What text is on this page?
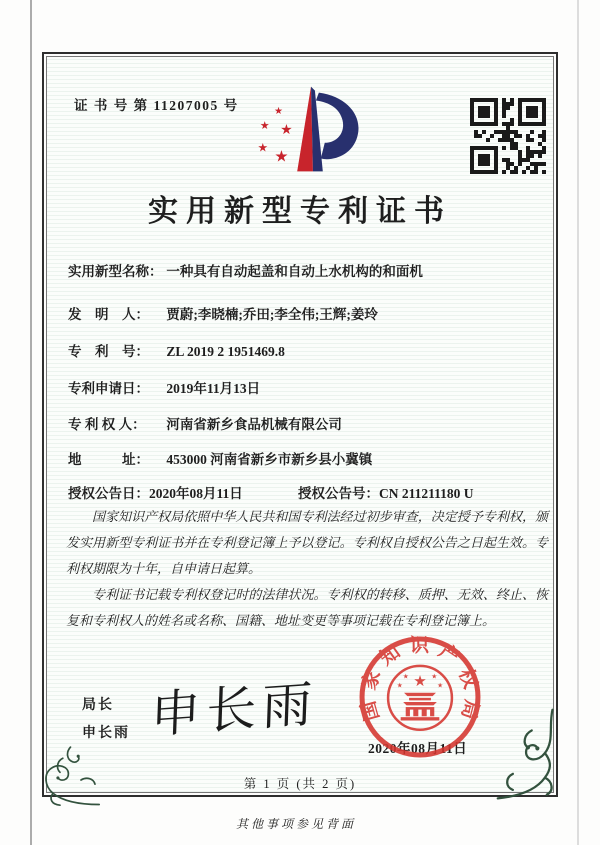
证 书 号 第 11207005 号	★
★ ★
★ ★
实用新型专利证书
实用新型名称： 一种具有自动起盖和自动上水机构的和面机
发　明　人： 贾蔚;李晓楠;乔田;李全伟;王辉;姜玲
专　利　号： ZL 2019 2 1951469.8
专利申请日： 2019年11月13日
专 利 权 人： 河南省新乡食品机械有限公司
地　　　址： 453000 河南省新乡市新乡县小冀镇
授权公告日：2020年08月11日	授权公告号：CN 211211180 U

国家知识产权局依照中华人民共和国专利法经过初步审查，决定授予专利权，颁发实用新型专利证书并在专利登记簿上予以登记。专利权自授权公告之日起生效。专利权期限为十年，自申请日起算。

专利证书记载专利权登记时的法律状况。专利权的转移、质押、无效、终止、恢复和专利权人的姓名或名称、国籍、地址变更等事项记载在专利登记簿上。

局长
申长雨 申长雨	★
★	★
★	★
国家知识产权局
2020年08月11日
第 1 页 (共 2 页)
其他事项参见背面
